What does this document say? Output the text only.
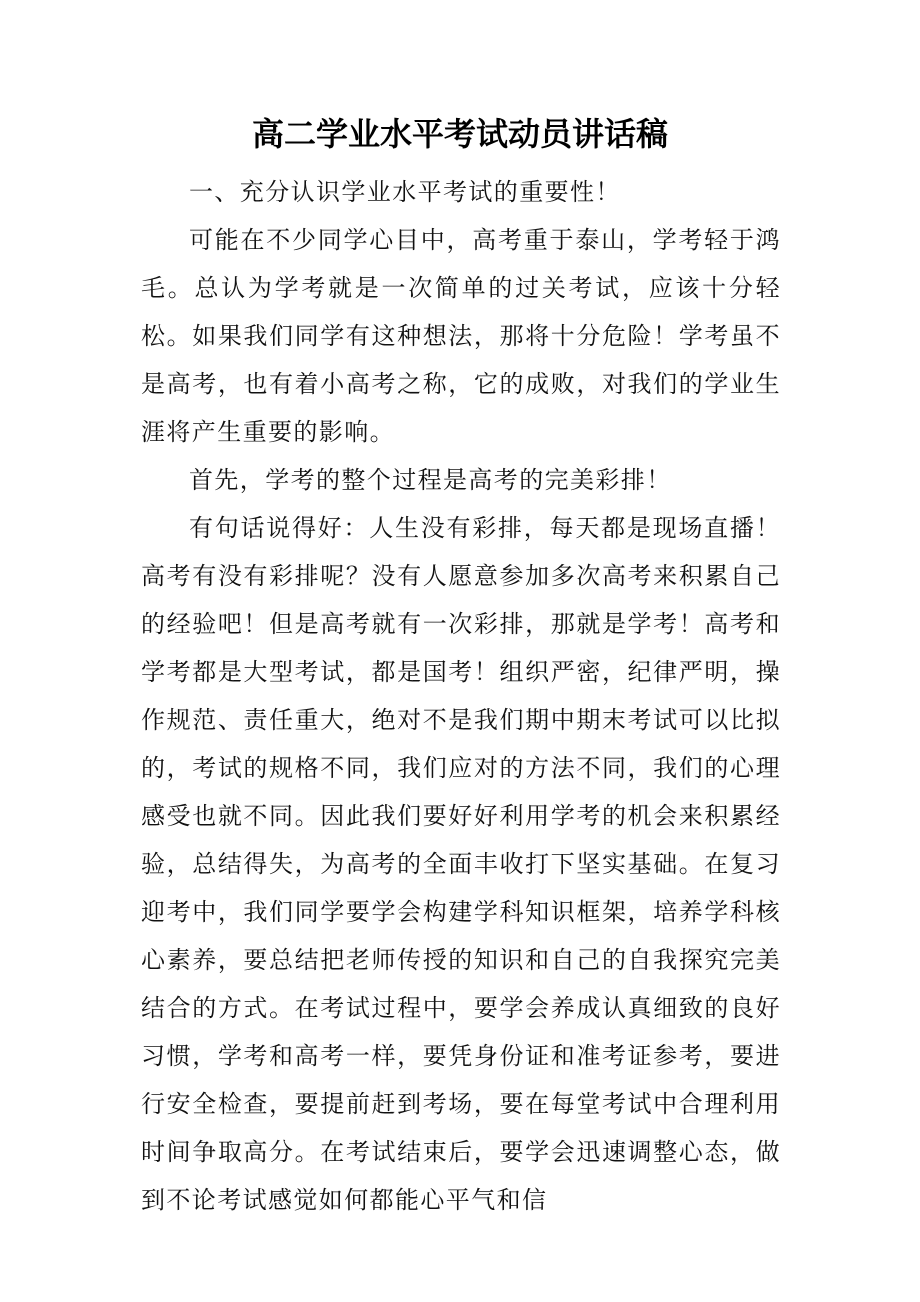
高二学业水平考试动员讲话稿

一、充分认识学业水平考试的重要性！

可能在不少同学心目中，高考重于泰山，学考轻于鸿毛。总认为学考就是一次简单的过关考试，应该十分轻松。如果我们同学有这种想法，那将十分危险！学考虽不是高考，也有着小高考之称，它的成败，对我们的学业生涯将产生重要的影响。

首先，学考的整个过程是高考的完美彩排！

有句话说得好：人生没有彩排，每天都是现场直播！高考有没有彩排呢？没有人愿意参加多次高考来积累自己的经验吧！但是高考就有一次彩排，那就是学考！高考和学考都是大型考试，都是国考！组织严密，纪律严明，操作规范、责任重大，绝对不是我们期中期末考试可以比拟的，考试的规格不同，我们应对的方法不同，我们的心理感受也就不同。因此我们要好好利用学考的机会来积累经验，总结得失，为高考的全面丰收打下坚实基础。在复习迎考中，我们同学要学会构建学科知识框架，培养学科核心素养，要总结把老师传授的知识和自己的自我探究完美结合的方式。在考试过程中，要学会养成认真细致的良好习惯，学考和高考一样，要凭身份证和准考证参考，要进行安全检查，要提前赶到考场，要在每堂考试中合理利用时间争取高分。在考试结束后，要学会迅速调整心态，做到不论考试感觉如何都能心平气和信
